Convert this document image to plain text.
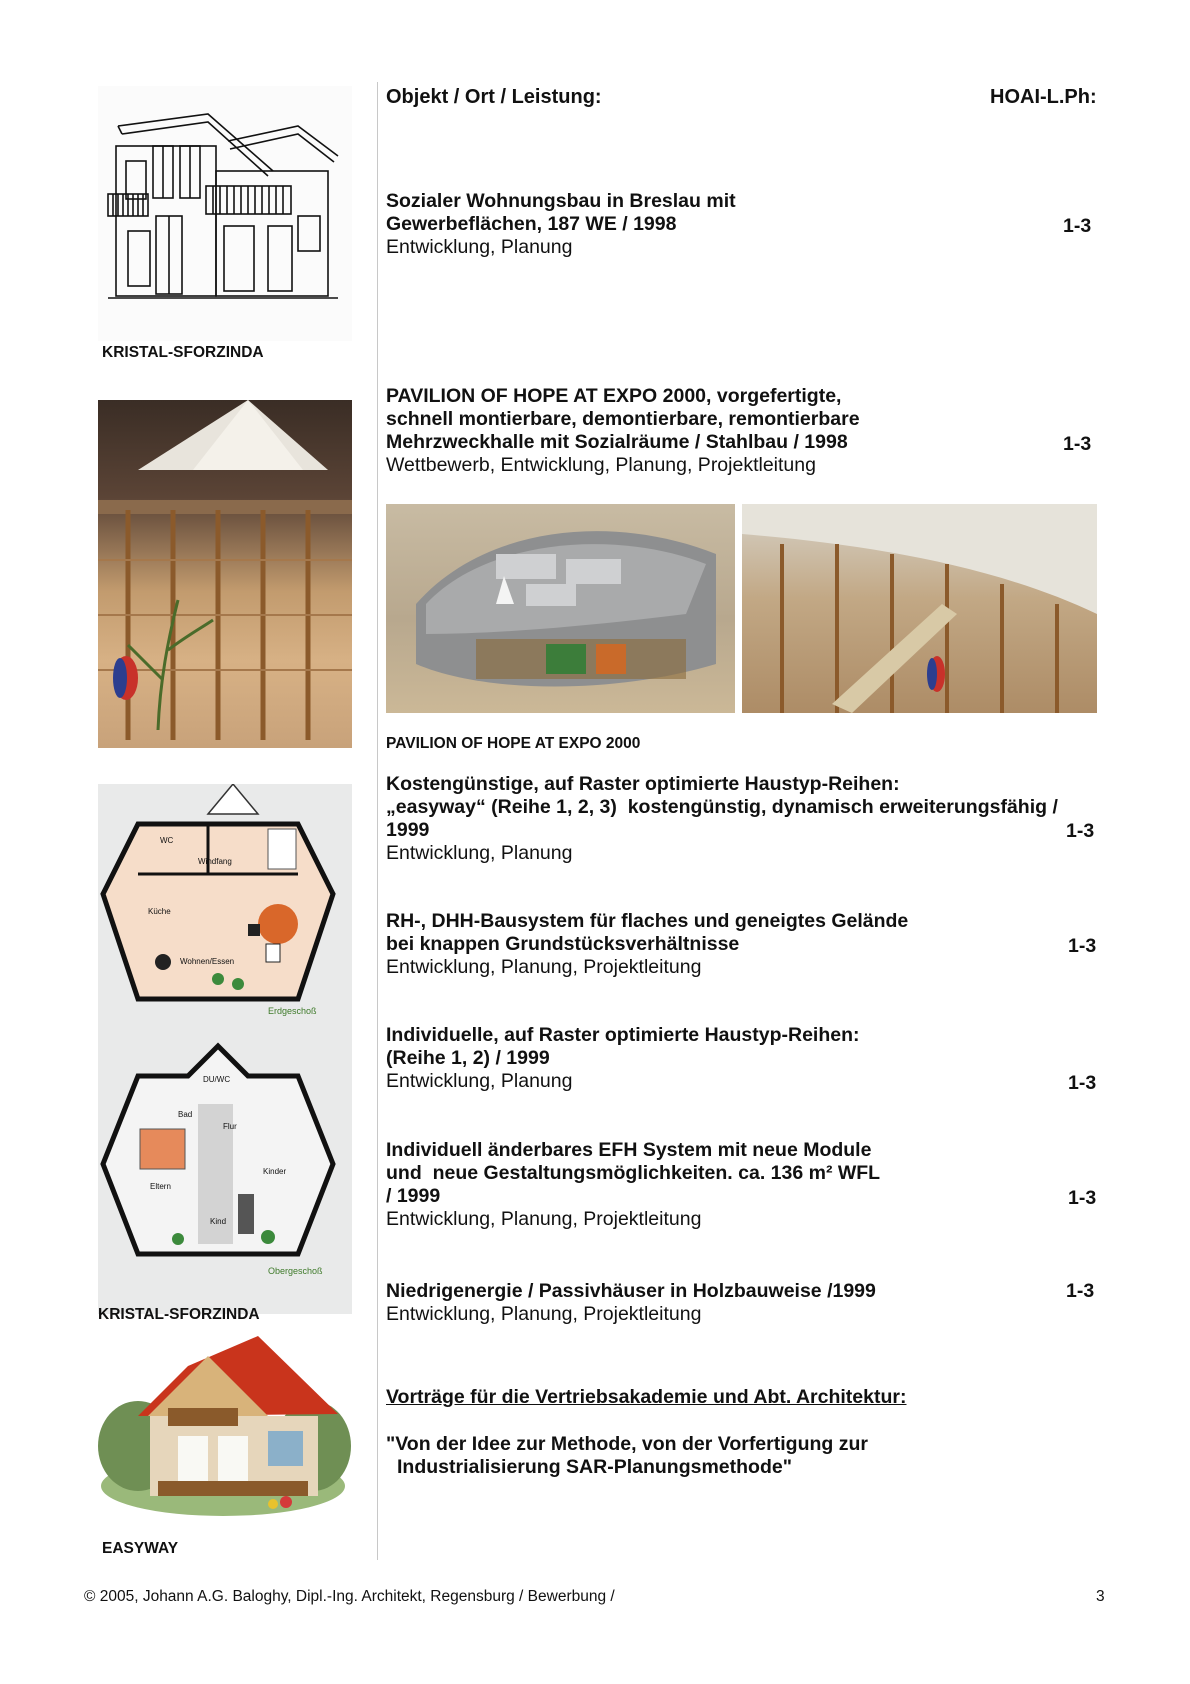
Objekt / Ort / Leistung:	HOAI-L.Ph:
KRISTAL-SFORZINDA
WC
Windfang
Küche
Wohnen/Essen
Erdgeschoß
DU/WC
Bad
Flur
Kinder
Eltern
Kind
Obergeschoß
KRISTAL-SFORZINDA
EASYWAY
Sozialer Wohnungsbau in Breslau mit
Gewerbeflächen, 187 WE / 1998
Entwicklung, Planung
1-3
PAVILION OF HOPE AT EXPO 2000, vorgefertigte,
schnell montierbare, demontierbare, remontierbare
Mehrzweckhalle mit Sozialräume / Stahlbau / 1998
Wettbewerb, Entwicklung, Planung, Projektleitung
1-3
PAVILION OF HOPE AT EXPO 2000
Kostengünstige, auf Raster optimierte Haustyp-Reihen:
„easyway“ (Reihe 1, 2, 3)  kostengünstig, dynamisch erweiterungsfähig /
1999
Entwicklung, Planung
1-3
RH-, DHH-Bausystem für flaches und geneigtes Gelände
bei knappen Grundstücksverhältnisse
Entwicklung, Planung, Projektleitung
1-3
Individuelle, auf Raster optimierte Haustyp-Reihen:
(Reihe 1, 2) / 1999
Entwicklung, Planung	1-3
Individuell änderbares EFH System mit neue Module
und  neue Gestaltungsmöglichkeiten. ca. 136 m² WFL
/ 1999
Entwicklung, Planung, Projektleitung
1-3
Niedrigenergie / Passivhäuser in Holzbauweise /1999
Entwicklung, Planung, Projektleitung
1-3
Vorträge für die Vertriebsakademie und Abt. Architektur:
"Von der Idee zur Methode, von der Vorfertigung zur
Industrialisierung SAR-Planungsmethode"
© 2005, Johann A.G. Baloghy, Dipl.-Ing. Architekt, Regensburg / Bewerbung /	3
